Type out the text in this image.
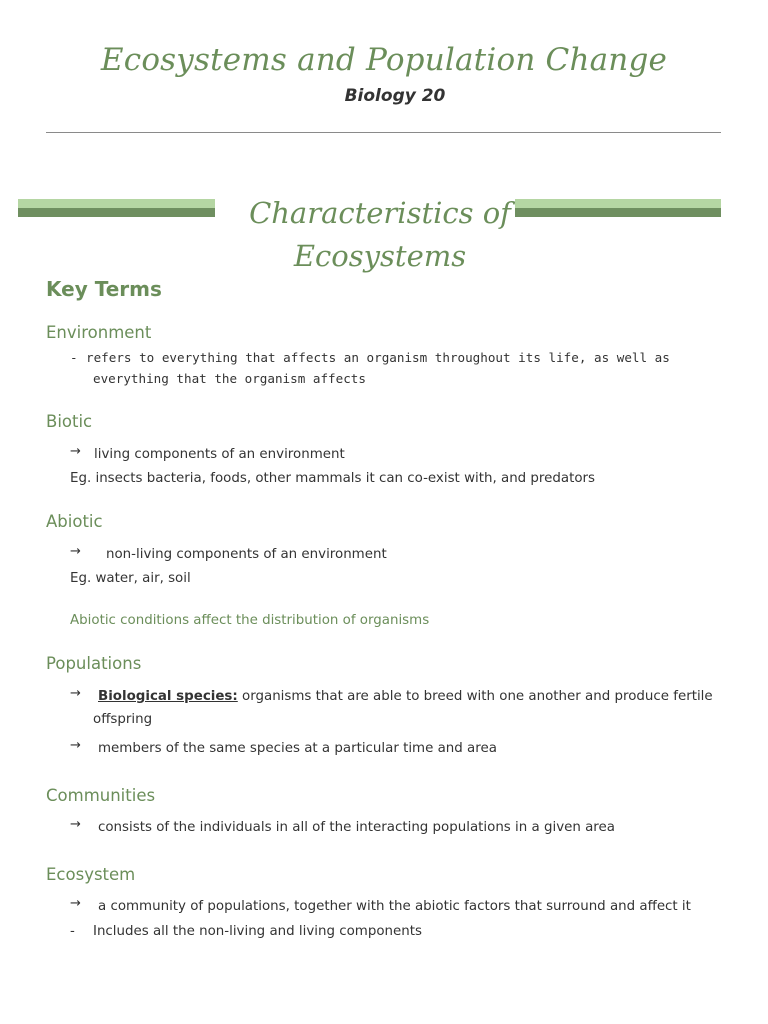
Ecosystems and Population Change
Biology 20
Characteristics of
Ecosystems
Key Terms
Environment
- refers to everything that affects an organism throughout its life, as well as
everything that the organism affects
Biotic
→ living components of an environment
Eg. insects bacteria, foods, other mammals it can co-exist with, and predators
Abiotic
→ non-living components of an environment
Eg. water, air, soil
Abiotic conditions affect the distribution of organisms
Populations
→ Biological species: organisms that are able to breed with one another and produce fertile
offspring
→ members of the same species at a particular time and area
Communities
→ consists of the individuals in all of the interacting populations in a given area
Ecosystem
→ a community of populations, together with the abiotic factors that surround and affect it
- Includes all the non-living and living components
